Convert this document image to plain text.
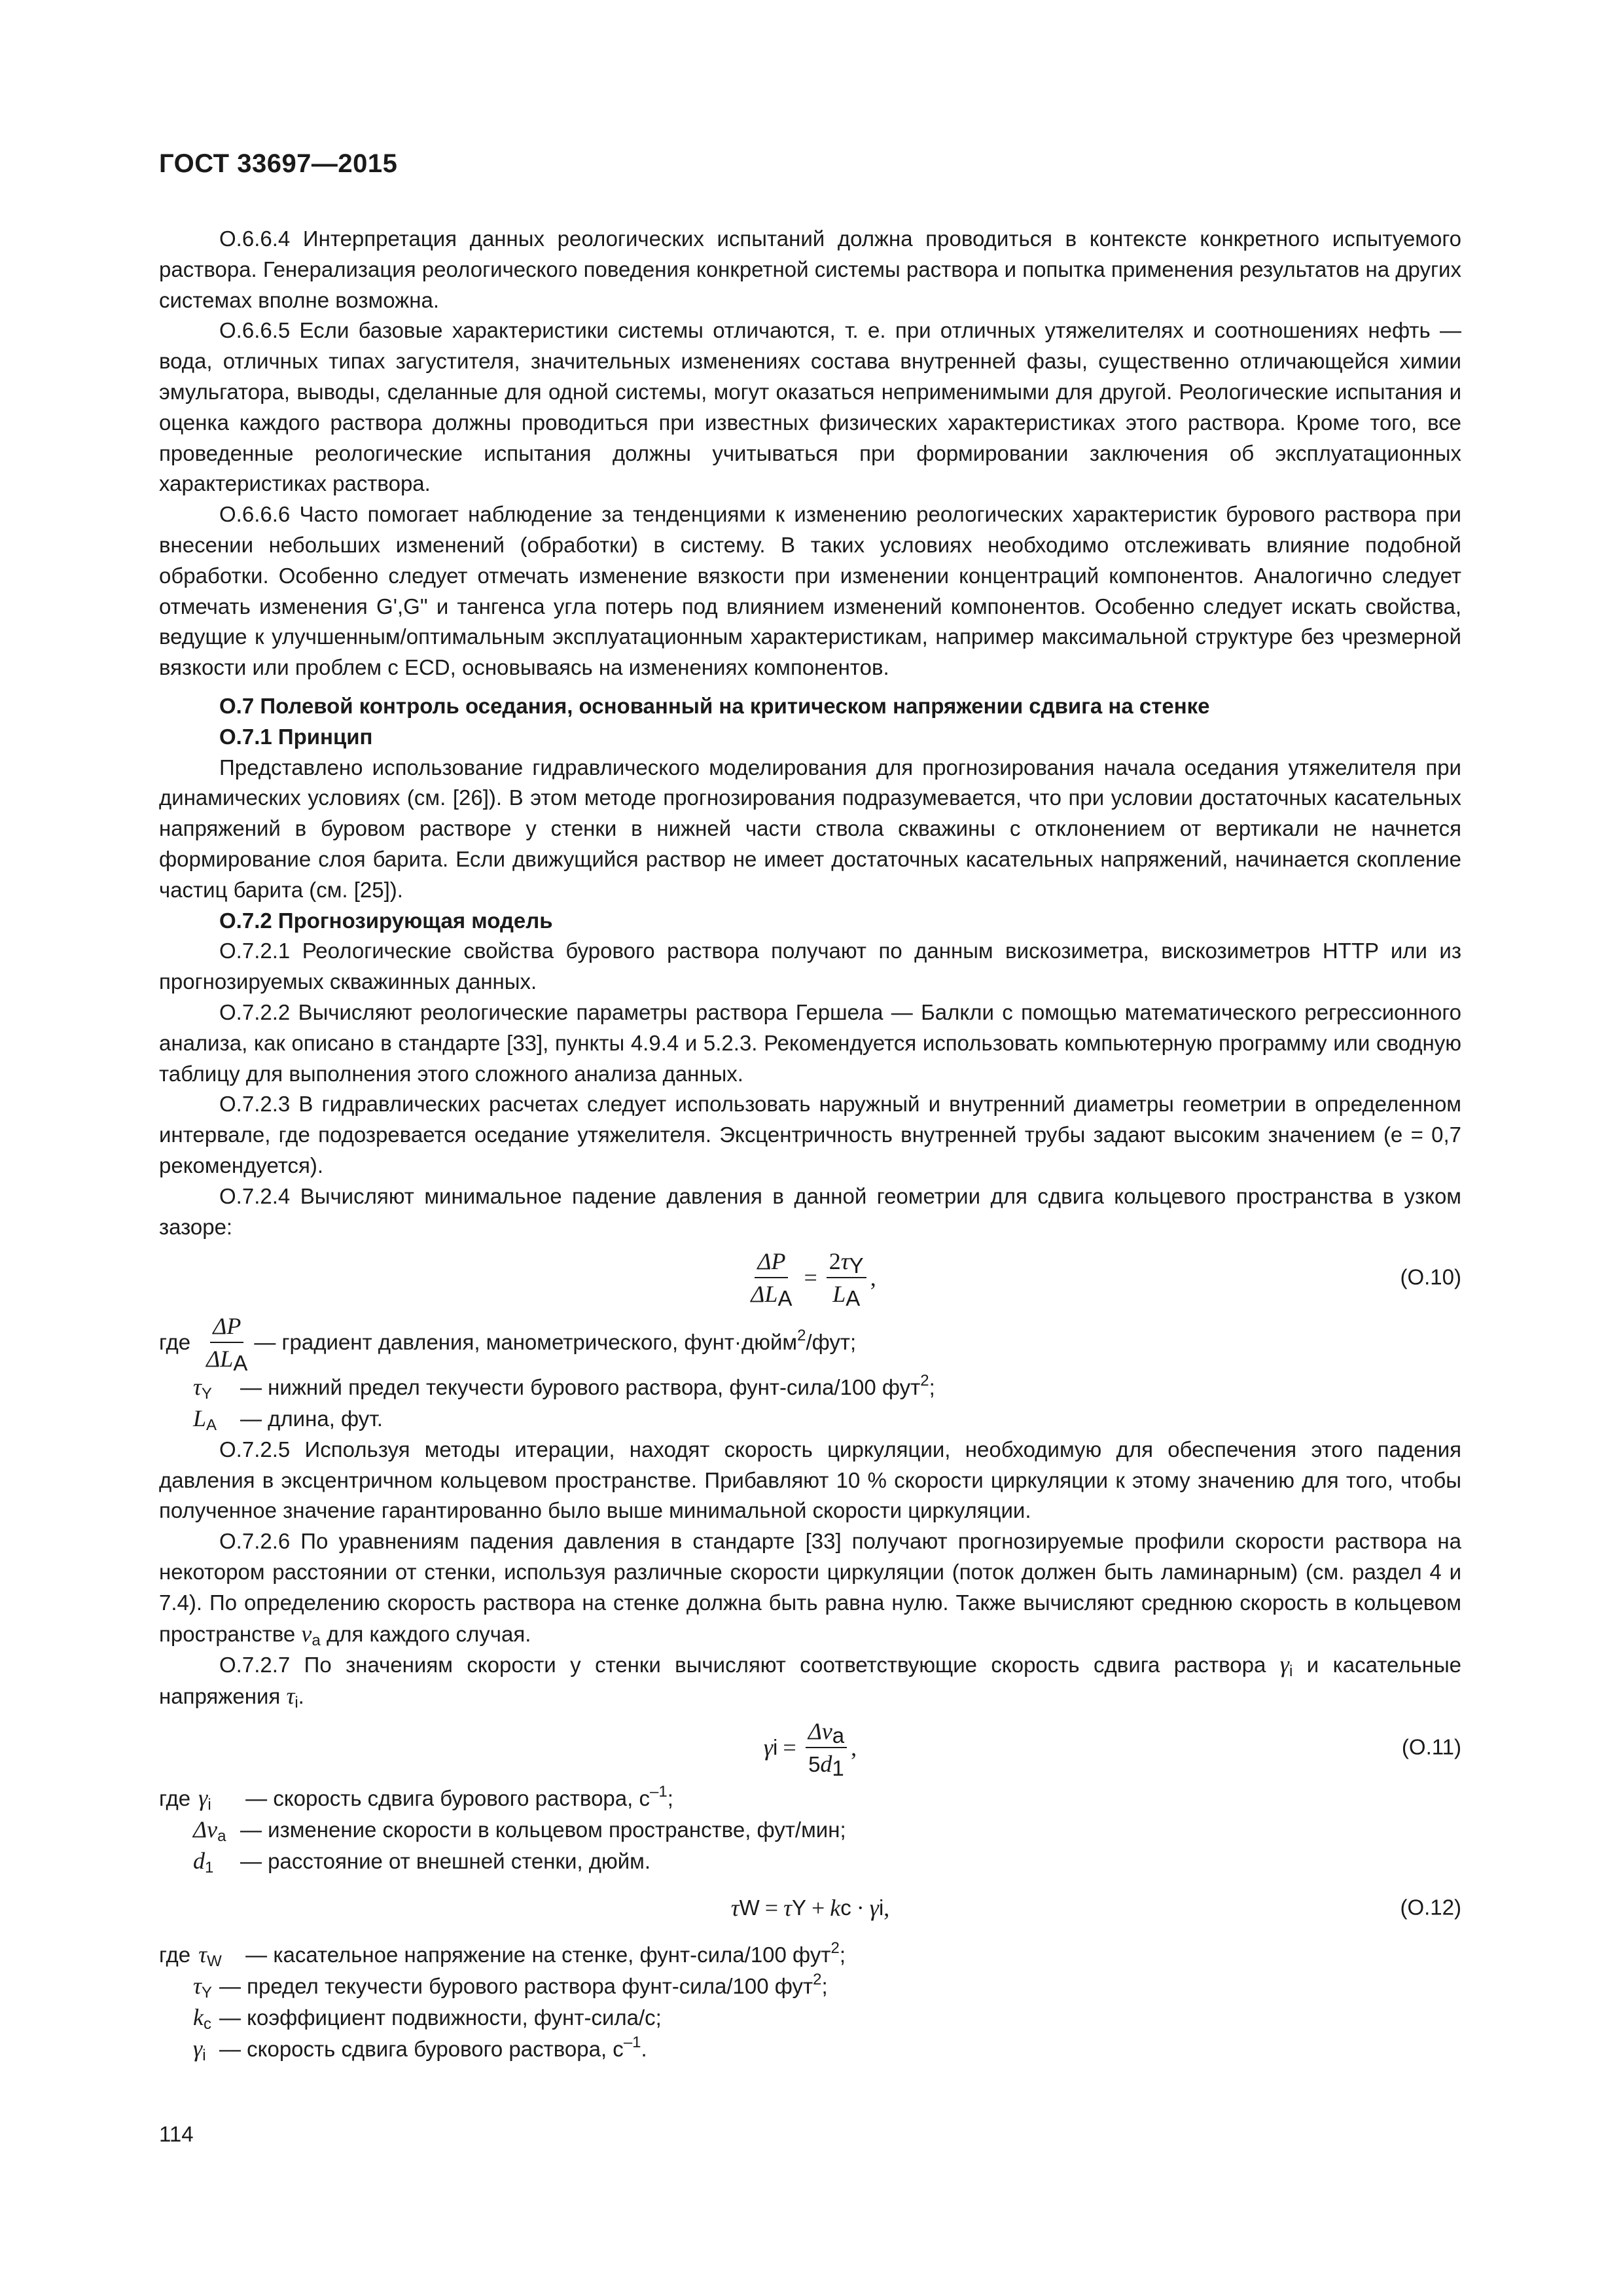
ГОСТ 33697—2015

О.6.6.4 Интерпретация данных реологических испытаний должна проводиться в контексте конкретного испытуемого раствора. Генерализация реологического поведения конкретной системы раствора и попытка применения результатов на других системах вполне возможна.

О.6.6.5 Если базовые характеристики системы отличаются, т. е. при отличных утяжелителях и соотношениях нефть — вода, отличных типах загустителя, значительных изменениях состава внутренней фазы, существенно отличающейся химии эмульгатора, выводы, сделанные для одной системы, могут оказаться неприменимыми для другой. Реологические испытания и оценка каждого раствора должны проводиться при известных физических характеристиках этого раствора. Кроме того, все проведенные реологические испытания должны учитываться при формировании заключения об эксплуатационных характеристиках раствора.

О.6.6.6 Часто помогает наблюдение за тенденциями к изменению реологических характеристик бурового раствора при внесении небольших изменений (обработки) в систему. В таких условиях необходимо отслеживать влияние подобной обработки. Особенно следует отмечать изменение вязкости при изменении концентраций компонентов. Аналогично следует отмечать изменения G',G" и тангенса угла потерь под влиянием изменений компонентов. Особенно следует искать свойства, ведущие к улучшенным/оптимальным эксплуатационным характеристикам, например максимальной структуре без чрезмерной вязкости или проблем с ECD, основываясь на изменениях компонентов.

О.7 Полевой контроль оседания, основанный на критическом напряжении сдвига на стенке

О.7.1 Принцип

Представлено использование гидравлического моделирования для прогнозирования начала оседания утяжелителя при динамических условиях (см. [26]). В этом методе прогнозирования подразумевается, что при условии достаточных касательных напряжений в буровом растворе у стенки в нижней части ствола скважины с отклонением от вертикали не начнется формирование слоя барита. Если движущийся раствор не имеет достаточных касательных напряжений, начинается скопление частиц барита (см. [25]).

О.7.2 Прогнозирующая модель

О.7.2.1 Реологические свойства бурового раствора получают по данным вискозиметра, вискозиметров HTTP или из прогнозируемых скважинных данных.

О.7.2.2 Вычисляют реологические параметры раствора Гершела — Балкли с помощью математического регрессионного анализа, как описано в стандарте [33], пункты 4.9.4 и 5.2.3. Рекомендуется использовать компьютерную программу или сводную таблицу для выполнения этого сложного анализа данных.

О.7.2.3 В гидравлических расчетах следует использовать наружный и внутренний диаметры геометрии в определенном интервале, где подозревается оседание утяжелителя. Эксцентричность внутренней трубы задают высоким значением (e = 0,7 рекомендуется).

О.7.2.4 Вычисляют минимальное падение давления в данной геометрии для сдвига кольцевого пространства в узком зазоре:

$\frac{\Delta P}{\Delta L_A} = \frac{2\tau_Y}{L_A}$ ,	(О.10)
где $\frac{\Delta P}{\Delta L_A}$ — градиент давления, манометрического, фунт·дюйм$^2$/фут;
$\tau_Y$	— нижний предел текучести бурового раствора, фунт-сила/100 фут$^2$;
$L_A$	— длина, фут.

О.7.2.5 Используя методы итерации, находят скорость циркуляции, необходимую для обеспечения этого падения давления в эксцентричном кольцевом пространстве. Прибавляют 10 % скорости циркуляции к этому значению для того, чтобы полученное значение гарантированно было выше минимальной скорости циркуляции.

О.7.2.6 По уравнениям падения давления в стандарте [33] получают прогнозируемые профили скорости раствора на некотором расстоянии от стенки, используя различные скорости циркуляции (поток должен быть ламинарным) (см. раздел 4 и 7.4). По определению скорость раствора на стенке должна быть равна нулю. Также вычисляют среднюю скорость в кольцевом пространстве $v_a$ для каждого случая.

О.7.2.7 По значениям скорости у стенки вычисляют соответствующие скорость сдвига раствора $\gamma_i$ и касательные напряжения $\tau_i$.

γ $i = \frac{\Delta v_a}{5d_1}$ ,	(О.11)
где $\gamma_i$	— скорость сдвига бурового раствора, $с^{-1}$;
$\Delta v_a$ — изменение скорости в кольцевом пространстве, фут/мин;
$d_1$	— расстояние от внешней стенки, дюйм.
τ W = τ Y + k c · γ i ,	(О.12)
где $\tau_W$	— касательное напряжение на стенке, фунт-сила/100 фут$^2$;
$\tau_Y$ — предел текучести бурового раствора фунт-сила/100 фут$^2$;
$k_c$ — коэффициент подвижности, фунт-сила/с;
$\gamma_i$ — скорость сдвига бурового раствора, $с^{-1}$.
114
